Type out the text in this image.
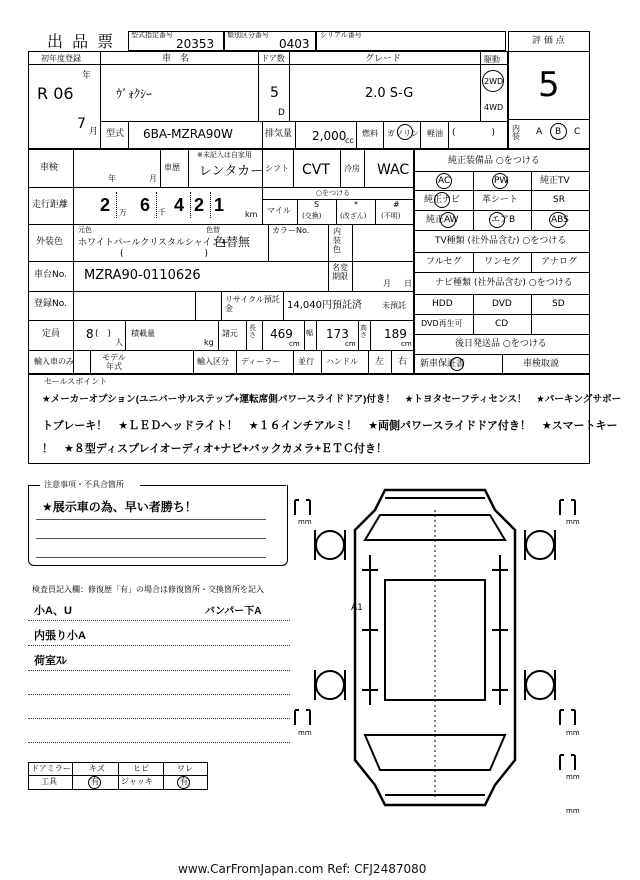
出 品 票 型式指定番号
20353
類別区分番号
0403
シリアル番号
評 価 点
5
内装 A B C
初年度登録
R 06
年
7 月
車　名
ｳﾞｫｸｼｰ
ドア数
5
D
グレード
2.0 S-G
駆動
2WD
4WD
型式 6BA-MZRA90W	排気量 2,000
cc
燃料 ガソリン 軽油 (　　　　)
車検
年	月
※未記入は自家用
車歴 レンタカー シフト CVT 冷房 WAC
走行距離 2 万 6 千 4 2 1	km
○をつける
マイル
S
(交換)
*
(改ざん)
#
(不明)
外装色
元色
ホワイトパールクリスタルシャイン+
色替
色替無
(　　　　　　　　　)
カラーNo.	内装色
車台No. MZRA90-0110626
名変期限
月 日
登録No.	リサイクル預託金	14,040円預託済	未預託
定員 8 (　)
人
積載量
kg
諸元
長さ 469
cm
幅 173
cm
高さ 189
cm
輸入車のみ	モデル年式
輸入区分 ディーラー 並行 ハンドル 左 右
純正装備品 ○をつける
AC	PW	純正TV
純正ナビ 革シート	SR
純正AW	エアB	ABS
TV種類 (社外品含む) ○をつける
フルセグ ワンセグ アナログ
ナビ種類 (社外品含む) ○をつける
HDD	DVD	SD
DVD再生可	CD
後日発送品 ○をつける
新車保証書	車検取説
セールスポイント
★メーカーオプション(ユニバーサルステップ+運転席側パワースライドドア)付き！　★トヨタセーフティセンス！　★パーキングサポー
トブレーキ！　★ＬＥＤヘッドライト！　★１６インチアルミ！　★両側パワースライドドア付き！　★スマートキー
！　★８型ディスプレイオーディオ+ナビ+バックカメラ+ＥＴＣ付き！
注意事項・不具合箇所
★展示車の為、早い者勝ち！
検査員記入欄：修復歴「有」の場合は修復箇所・交換箇所を記入
小A、U	バンパー下A
内張り小A
荷室ｽﾚ
ドアミラー キズ	ヒビ	ワレ
工具	有	ジャッキ	有
A1
mm	mm
mm	mm
mm
mm
www.CarFromJapan.com Ref: CFJ2487080
